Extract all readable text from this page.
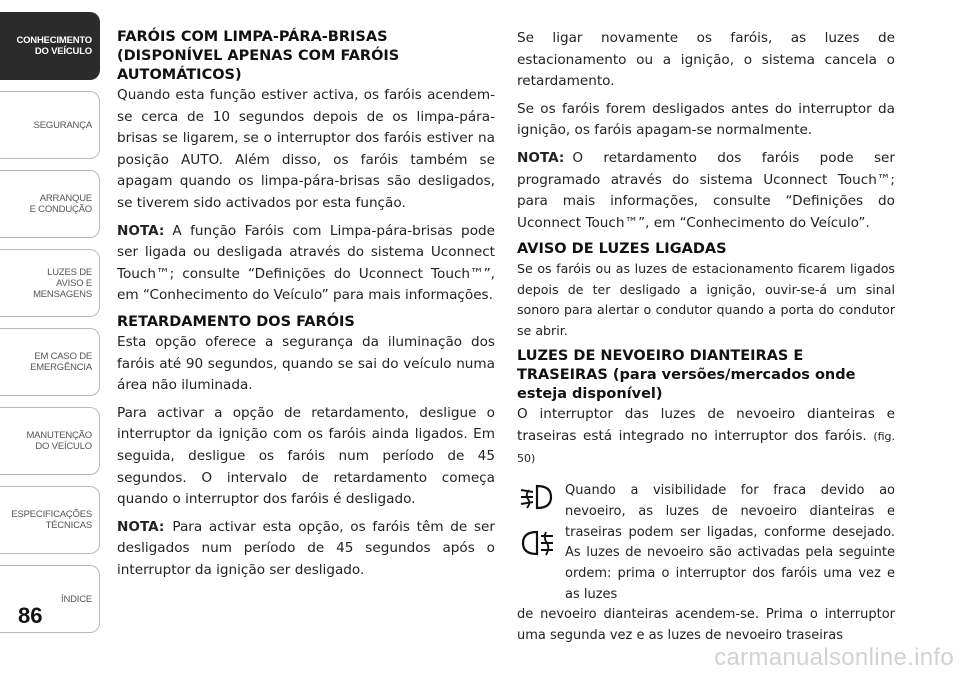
CONHECIMENTO
DO VEÍCULO
SEGURANÇA
ARRANQUE
E CONDUÇÃO
LUZES DE
AVISO E
MENSAGENS
EM CASO DE
EMERGÊNCIA
MANUTENÇÃO
DO VEÍCULO
ESPECIFICAÇÕES
TÉCNICAS
ÍNDICE
86
FARÓIS COM LIMPA-PÁRA-BRISAS (DISPONÍVEL APENAS COM FARÓIS AUTOMÁTICOS)

Quando esta função estiver activa, os faróis acendem-se cerca de 10 segundos depois de os limpa-pára-brisas se ligarem, se o interruptor dos faróis estiver na posição AUTO. Além disso, os faróis também se apagam quando os limpa-pára-brisas são desligados, se tiverem sido activados por esta função.

NOTA: A função Faróis com Limpa-pára-brisas pode ser ligada ou desligada através do sistema Uconnect Touch™; consulte “Definições do Uconnect Touch™”, em “Conhecimento do Veículo” para mais informações.

RETARDAMENTO DOS FARÓIS

Esta opção oferece a segurança da iluminação dos faróis até 90 segundos, quando se sai do veículo numa área não iluminada.

Para activar a opção de retardamento, desligue o interruptor da ignição com os faróis ainda ligados. Em seguida, desligue os faróis num período de 45 segundos. O intervalo de retardamento começa quando o interruptor dos faróis é desligado.

NOTA: Para activar esta opção, os faróis têm de ser desligados num período de 45 segundos após o interruptor da ignição ser desligado.

Se ligar novamente os faróis, as luzes de estacionamento ou a ignição, o sistema cancela o retardamento.

Se os faróis forem desligados antes do interruptor da ignição, os faróis apagam-se normalmente.

NOTA: O retardamento dos faróis pode ser programado através do sistema Uconnect Touch™; para mais informações, consulte “Definições do Uconnect Touch™”, em “Conhecimento do Veículo”.

AVISO DE LUZES LIGADAS

Se os faróis ou as luzes de estacionamento ficarem ligados depois de ter desligado a ignição, ouvir-se-á um sinal sonoro para alertar o condutor quando a porta do condutor se abrir.

LUZES DE NEVOEIRO DIANTEIRAS E TRASEIRAS (para versões/mercados onde esteja disponível)

O interruptor das luzes de nevoeiro dianteiras e traseiras está integrado no interruptor dos faróis. (fig. 50)

Quando a visibilidade for fraca devido ao nevoeiro, as luzes de nevoeiro dianteiras e traseiras podem ser ligadas, conforme desejado. As luzes de nevoeiro são activadas pela seguinte ordem: prima o interruptor dos faróis uma vez e as luzes

de nevoeiro dianteiras acendem-se. Prima o interruptor uma segunda vez e as luzes de nevoeiro traseiras

carmanualsonline.info
